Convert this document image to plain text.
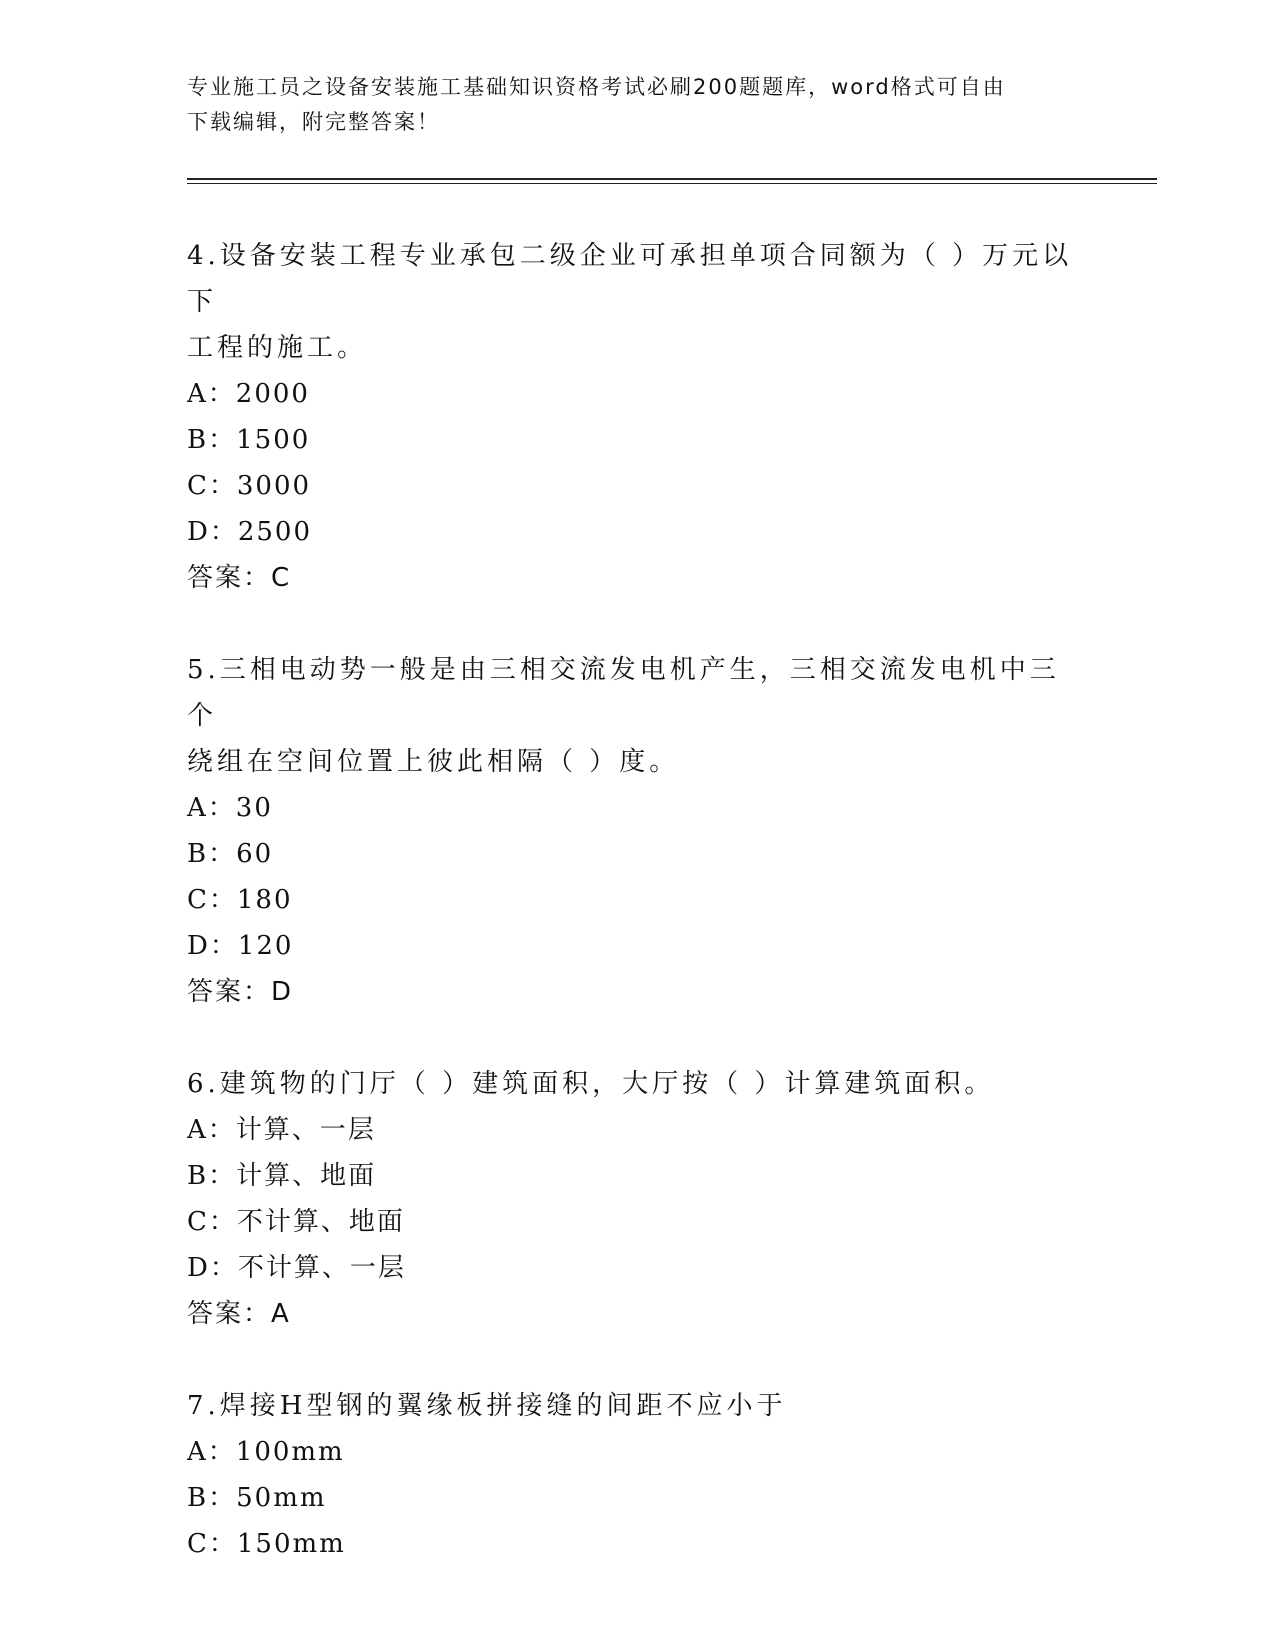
专业施工员之设备安装施工基础知识资格考试必刷200题题库，word格式可自由
下载编辑，附完整答案！

4.设备安装工程专业承包二级企业可承担单项合同额为（ ）万元以下
工程的施工。

A：2000

B：1500

C：3000

D：2500

答案：C

5.三相电动势一般是由三相交流发电机产生，三相交流发电机中三个
绕组在空间位置上彼此相隔（ ）度。

A：30

B：60

C：180

D：120

答案：D

6.建筑物的门厅（ ）建筑面积，大厅按（ ）计算建筑面积。

A：计算、一层

B：计算、地面

C：不计算、地面

D：不计算、一层

答案：A

7.焊接H型钢的翼缘板拼接缝的间距不应小于

A：100mm

B：50mm

C：150mm
